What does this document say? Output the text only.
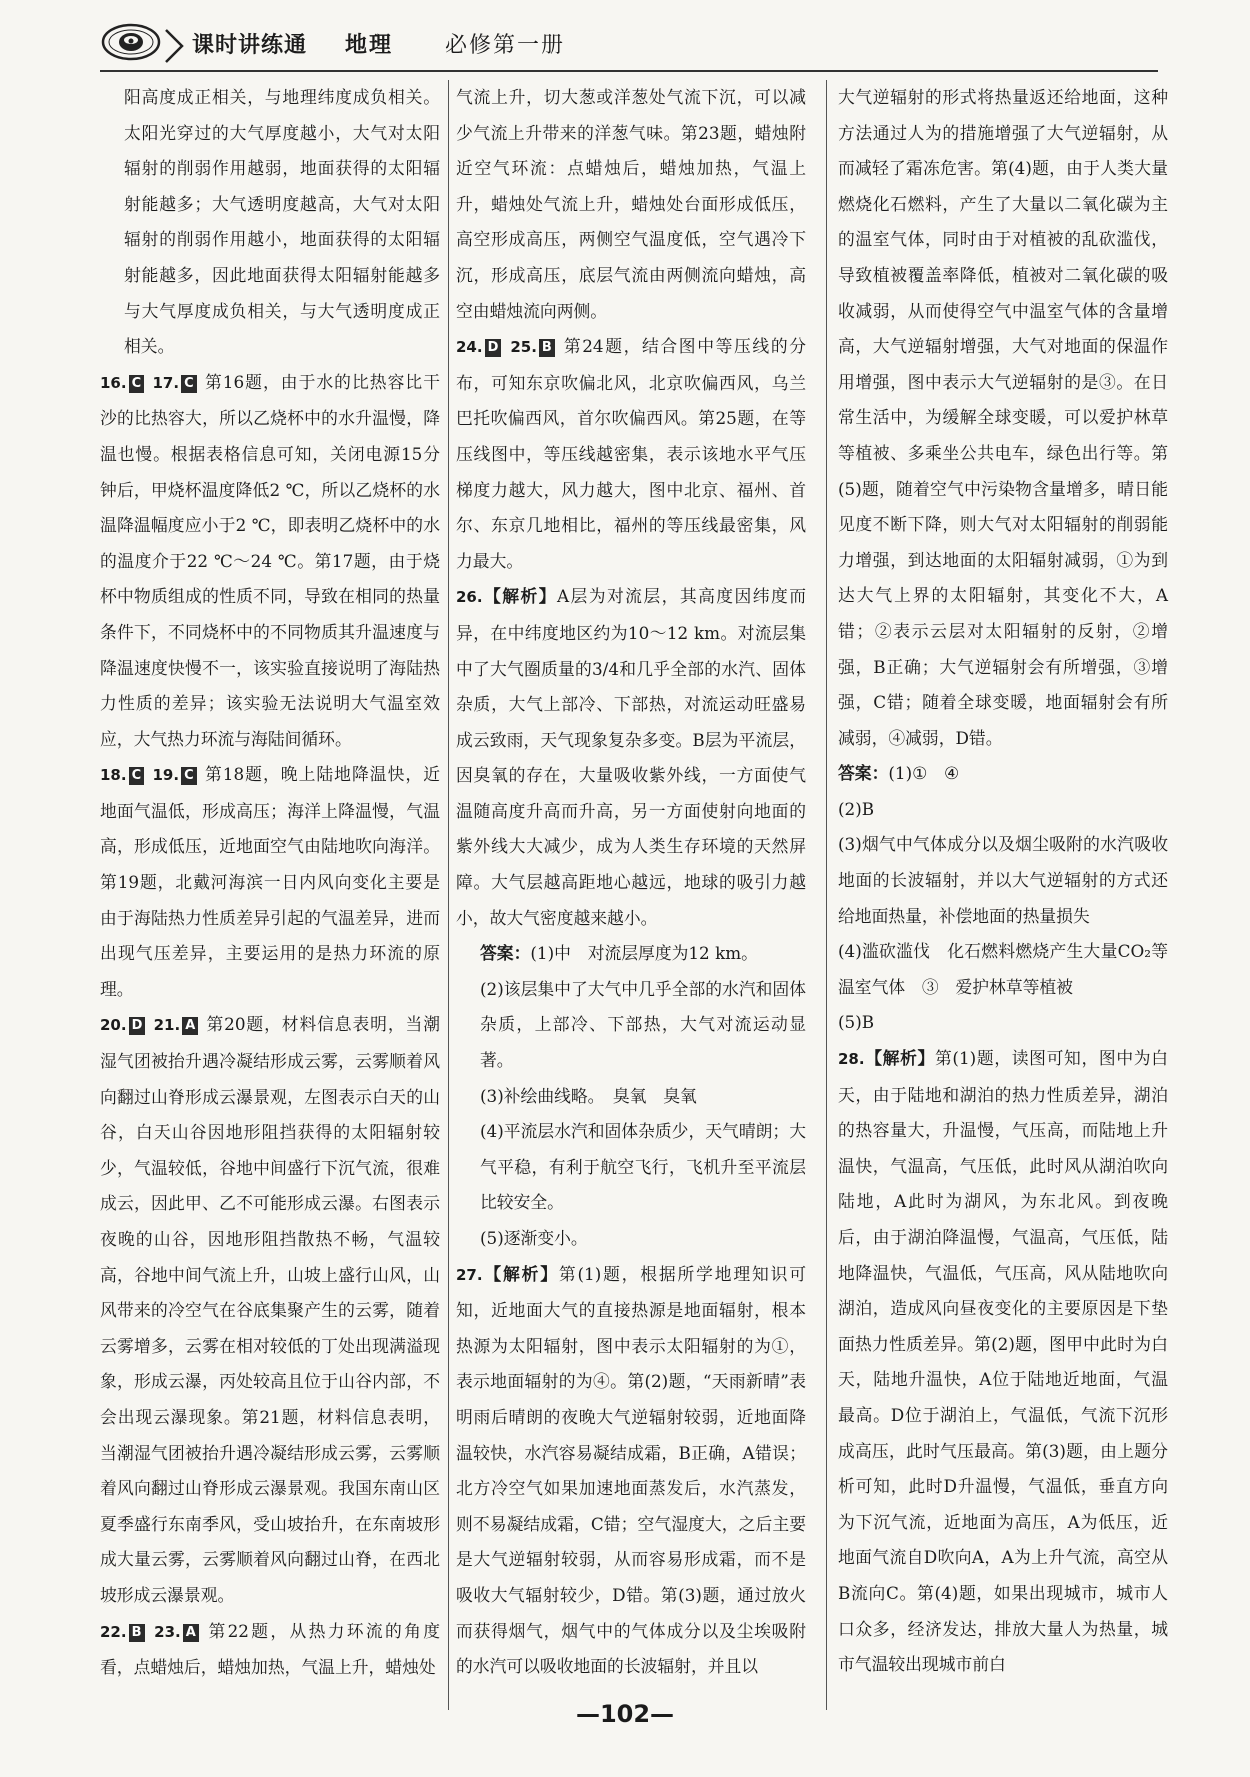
课时讲练通 地理 必修第一册

阳高度成正相关，与地理纬度成负相关。太阳光穿过的大气厚度越小，大气对太阳辐射的削弱作用越弱，地面获得的太阳辐射能越多；大气透明度越高，大气对太阳辐射的削弱作用越小，地面获得的太阳辐射能越多，因此地面获得太阳辐射能越多与大气厚度成负相关，与大气透明度成正相关。

16. C 17. C 第16题，由于水的比热容比干沙的比热容大，所以乙烧杯中的水升温慢，降温也慢。根据表格信息可知，关闭电源15分钟后，甲烧杯温度降低2 ℃，所以乙烧杯的水温降温幅度应小于2 ℃，即表明乙烧杯中的水的温度介于22 ℃～24 ℃。第17题，由于烧杯中物质组成的性质不同，导致在相同的热量条件下，不同烧杯中的不同物质其升温速度与降温速度快慢不一，该实验直接说明了海陆热力性质的差异；该实验无法说明大气温室效应，大气热力环流与海陆间循环。

18. C 19. C 第18题，晚上陆地降温快，近地面气温低，形成高压；海洋上降温慢，气温高，形成低压，近地面空气由陆地吹向海洋。第19题，北戴河海滨一日内风向变化主要是由于海陆热力性质差异引起的气温差异，进而出现气压差异，主要运用的是热力环流的原理。

20. D 21. A 第20题，材料信息表明，当潮湿气团被抬升遇冷凝结形成云雾，云雾顺着风向翻过山脊形成云瀑景观，左图表示白天的山谷，白天山谷因地形阻挡获得的太阳辐射较少，气温较低，谷地中间盛行下沉气流，很难成云，因此甲、乙不可能形成云瀑。右图表示夜晚的山谷，因地形阻挡散热不畅，气温较高，谷地中间气流上升，山坡上盛行山风，山风带来的冷空气在谷底集聚产生的云雾，随着云雾增多，云雾在相对较低的丁处出现满溢现象，形成云瀑，丙处较高且位于山谷内部，不会出现云瀑现象。第21题，材料信息表明，当潮湿气团被抬升遇冷凝结形成云雾，云雾顺着风向翻过山脊形成云瀑景观。我国东南山区夏季盛行东南季风，受山坡抬升，在东南坡形成大量云雾，云雾顺着风向翻过山脊，在西北坡形成云瀑景观。

22. B 23. A 第22题，从热力环流的角度看，点蜡烛后，蜡烛加热，气温上升，蜡烛处

气流上升，切大葱或洋葱处气流下沉，可以减少气流上升带来的洋葱气味。第23题，蜡烛附近空气环流：点蜡烛后，蜡烛加热，气温上升，蜡烛处气流上升，蜡烛处台面形成低压，高空形成高压，两侧空气温度低，空气遇冷下沉，形成高压，底层气流由两侧流向蜡烛，高空由蜡烛流向两侧。

24. D 25. B 第24题，结合图中等压线的分布，可知东京吹偏北风，北京吹偏西风，乌兰巴托吹偏西风，首尔吹偏西风。第25题，在等压线图中，等压线越密集，表示该地水平气压梯度力越大，风力越大，图中北京、福州、首尔、东京几地相比，福州的等压线最密集，风力最大。

26.【解析】A层为对流层，其高度因纬度而异，在中纬度地区约为10～12 km。对流层集中了大气圈质量的3/4和几乎全部的水汽、固体杂质，大气上部冷、下部热，对流运动旺盛易成云致雨，天气现象复杂多变。B层为平流层，因臭氧的存在，大量吸收紫外线，一方面使气温随高度升高而升高，另一方面使射向地面的紫外线大大减少，成为人类生存环境的天然屏障。大气层越高距地心越远，地球的吸引力越小，故大气密度越来越小。

答案：(1)中　对流层厚度为12 km。

(2)该层集中了大气中几乎全部的水汽和固体杂质，上部冷、下部热，大气对流运动显著。

(3)补绘曲线略。　臭氧　臭氧

(4)平流层水汽和固体杂质少，天气晴朗；大气平稳，有利于航空飞行，飞机升至平流层比较安全。

(5)逐渐变小。

27.【解析】第(1)题，根据所学地理知识可知，近地面大气的直接热源是地面辐射，根本热源为太阳辐射，图中表示太阳辐射的为①，表示地面辐射的为④。第(2)题，“天雨新晴”表明雨后晴朗的夜晚大气逆辐射较弱，近地面降温较快，水汽容易凝结成霜，B正确，A错误；北方冷空气如果加速地面蒸发后，水汽蒸发，则不易凝结成霜，C错；空气湿度大，之后主要是大气逆辐射较弱，从而容易形成霜，而不是吸收大气辐射较少，D错。第(3)题，通过放火而获得烟气，烟气中的气体成分以及尘埃吸附的水汽可以吸收地面的长波辐射，并且以

大气逆辐射的形式将热量返还给地面，这种方法通过人为的措施增强了大气逆辐射，从而减轻了霜冻危害。第(4)题，由于人类大量燃烧化石燃料，产生了大量以二氧化碳为主的温室气体，同时由于对植被的乱砍滥伐，导致植被覆盖率降低，植被对二氧化碳的吸收减弱，从而使得空气中温室气体的含量增高，大气逆辐射增强，大气对地面的保温作用增强，图中表示大气逆辐射的是③。在日常生活中，为缓解全球变暖，可以爱护林草等植被、多乘坐公共电车，绿色出行等。第(5)题，随着空气中污染物含量增多，晴日能见度不断下降，则大气对太阳辐射的削弱能力增强，到达地面的太阳辐射减弱，①为到达大气上界的太阳辐射，其变化不大，A错；②表示云层对太阳辐射的反射，②增强，B正确；大气逆辐射会有所增强，③增强，C错；随着全球变暖，地面辐射会有所减弱，④减弱，D错。

答案：(1)①　④

(2)B

(3)烟气中气体成分以及烟尘吸附的水汽吸收地面的长波辐射，并以大气逆辐射的方式还给地面热量，补偿地面的热量损失

(4)滥砍滥伐　化石燃料燃烧产生大量CO₂等温室气体　③　爱护林草等植被

(5)B

28.【解析】第(1)题，读图可知，图中为白天，由于陆地和湖泊的热力性质差异，湖泊的热容量大，升温慢，气压高，而陆地上升温快，气温高，气压低，此时风从湖泊吹向陆地，A此时为湖风，为东北风。到夜晚后，由于湖泊降温慢，气温高，气压低，陆地降温快，气温低，气压高，风从陆地吹向湖泊，造成风向昼夜变化的主要原因是下垫面热力性质差异。第(2)题，图甲中此时为白天，陆地升温快，A位于陆地近地面，气温最高。D位于湖泊上，气温低，气流下沉形成高压，此时气压最高。第(3)题，由上题分析可知，此时D升温慢，气温低，垂直方向为下沉气流，近地面为高压，A为低压，近地面气流自D吹向A，A为上升气流，高空从B流向C。第(4)题，如果出现城市，城市人口众多，经济发达，排放大量人为热量，城市气温较出现城市前白

—102—
